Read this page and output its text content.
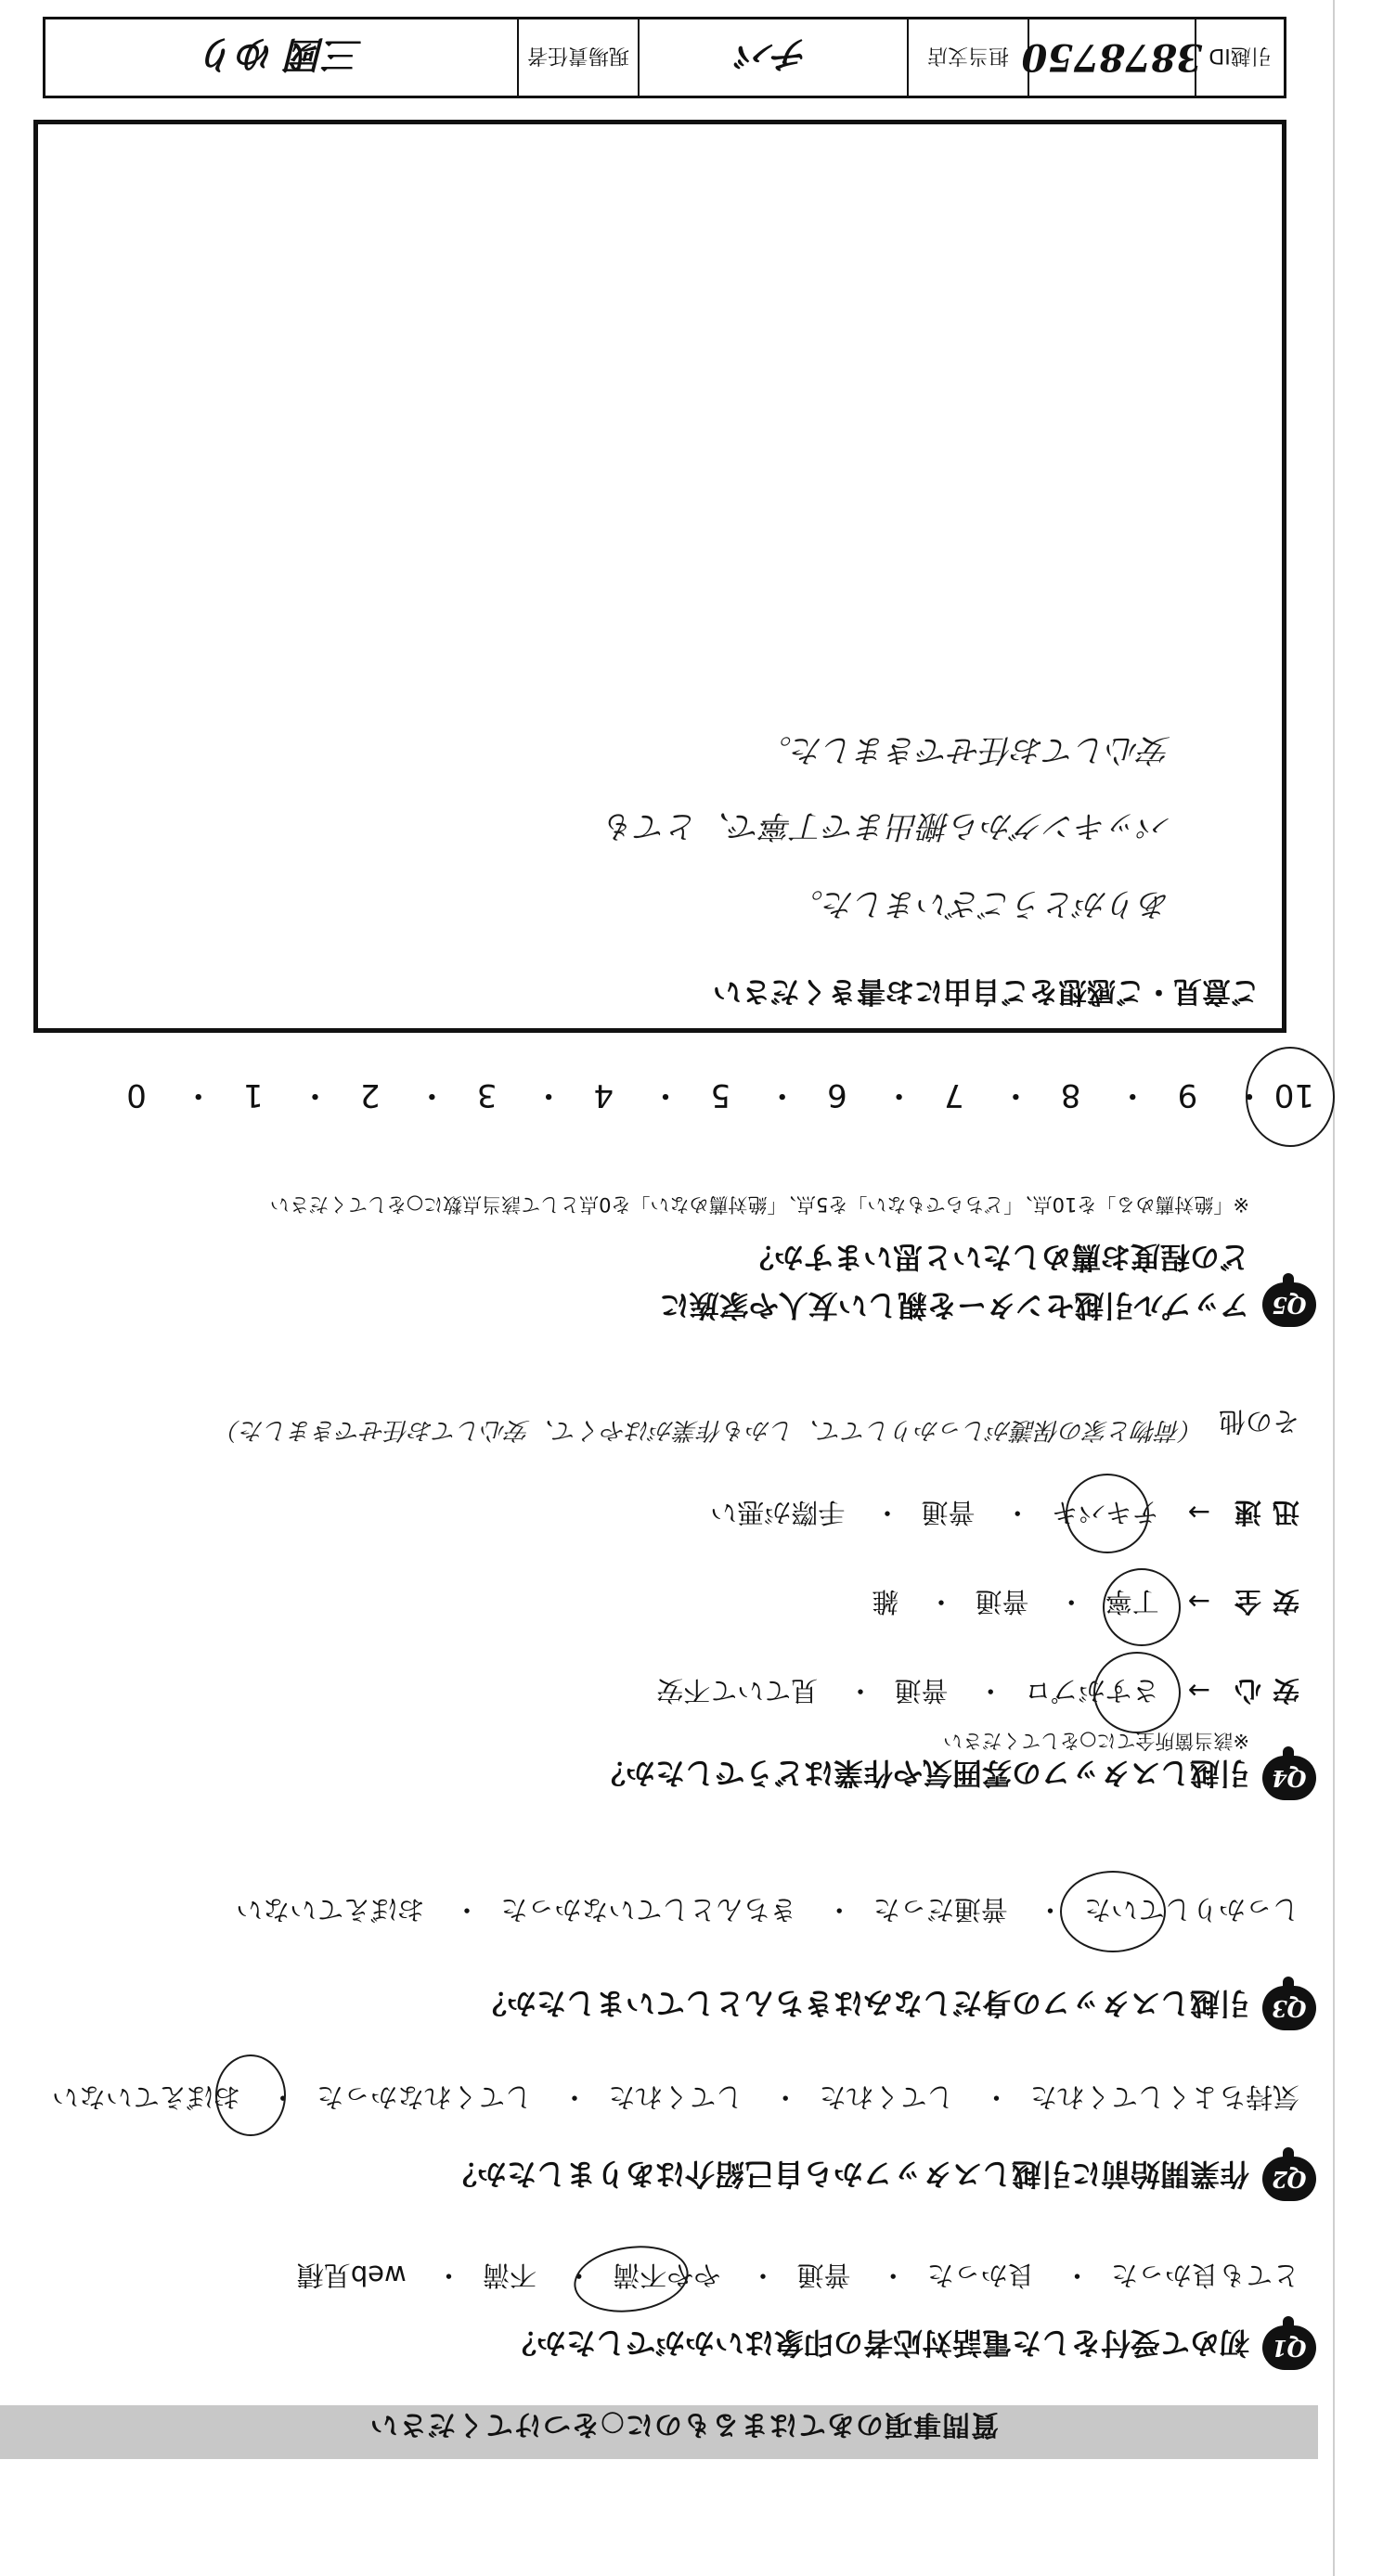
質問事項のあてはまるものに○をつけてください
Q1
初めて受付をした電話対応者の印象はいかがでしたか？
とても良かった・ 良かった・ 普通・ やや不満・ 不満・ web見積
Q2
作業開始前に引越しスタッフから自己紹介はありましたか？
気持ちよくしてくれた・ してくれた・ してくれた・ してくれなかった・ おぼえていない
Q3
引越しスタッフの身だしなみはきちんとしていましたか？
しっかりしていた・ 普通だった・ きちんとしていなかった・ おぼえていない
Q4
引越しスタッフの雰囲気や作業はどうでしたか？
※該当箇所全てに○をしてください
安心→ さすがプロ・ 普通・ 見ていて不安
安全→ 丁寧・ 普通・ 雑
迅速→ テキパキ・ 普通・ 手際が悪い
その他
（荷物と家の保護がしっかりしてて、しかも作業がはやくて、安心してお任せできました）
Q5
アップル引越センターを親しい友人や家族に
どの程度お薦めしたいと思いますか？
※「絶対薦める」を10点、「どちらでもない」を5点、「絶対薦めない」を0点として該当点数に○をしてください
10・ 9・ 8・ 7・ 6・ 5・ 4・ 3・ 2・ 1・ 0
ご意見・ご感想をご自由にお書きください
ありがとうございました。
パッキングから搬出まで丁寧で、とても
安心してお任せできました。
引越ID
3878750
担当支店
チバ
現場責任者
三國 ゆり
